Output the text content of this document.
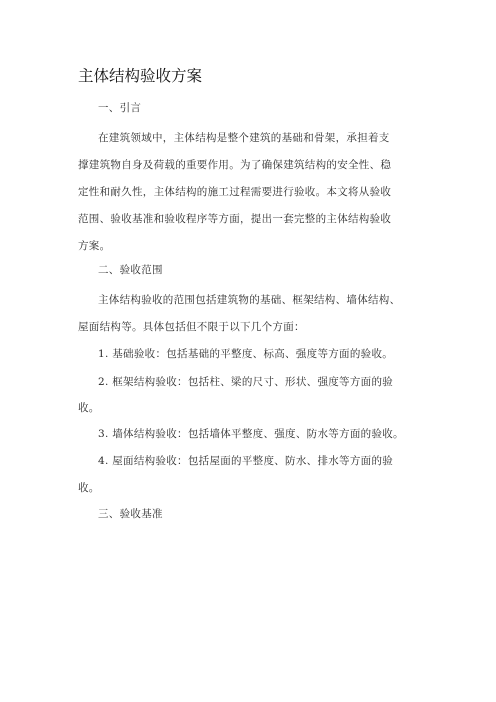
主体结构验收方案
一、引言
在建筑领域中，主体结构是整个建筑的基础和骨架，承担着支
撑建筑物自身及荷载的重要作用。为了确保建筑结构的安全性、稳
定性和耐久性，主体结构的施工过程需要进行验收。本文将从验收
范围、验收基准和验收程序等方面，提出一套完整的主体结构验收
方案。
二、验收范围
主体结构验收的范围包括建筑物的基础、框架结构、墙体结构、
屋面结构等。具体包括但不限于以下几个方面：
1. 基础验收：包括基础的平整度、标高、强度等方面的验收。
2. 框架结构验收：包括柱、梁的尺寸、形状、强度等方面的验
收。
3. 墙体结构验收：包括墙体平整度、强度、防水等方面的验收。
4. 屋面结构验收：包括屋面的平整度、防水、排水等方面的验
收。
三、验收基准
